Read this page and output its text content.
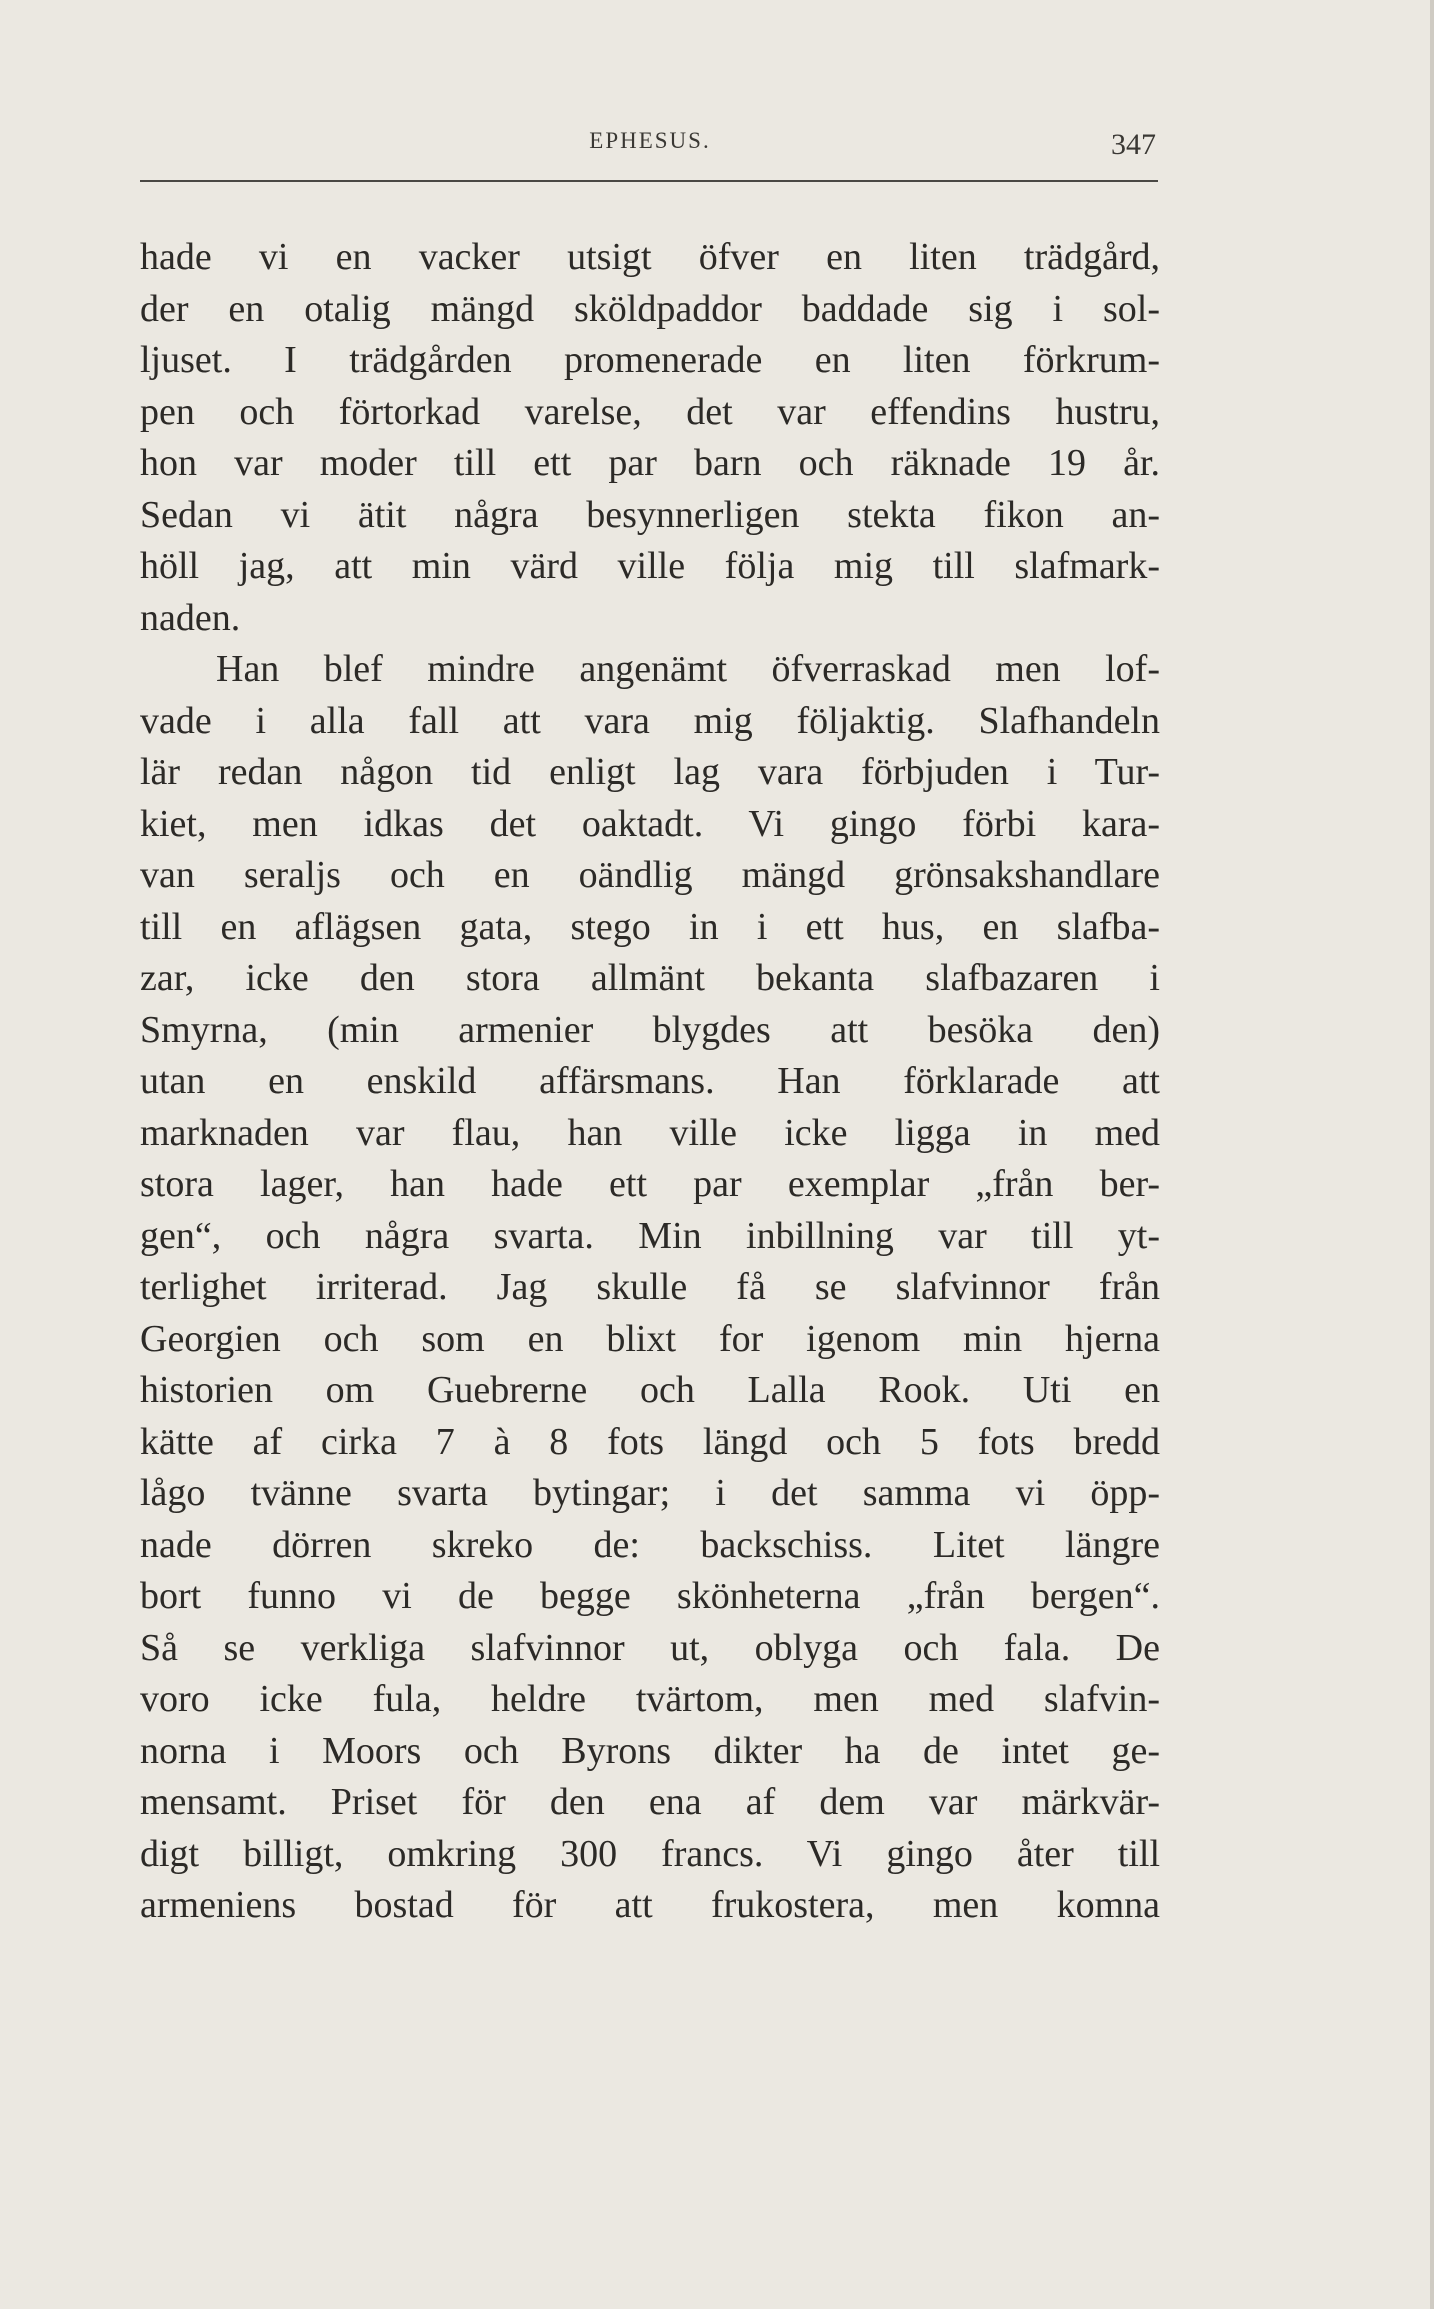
EPHESUS.	347
hade vi en vacker utsigt öfver en liten trädgård,
der en otalig mängd sköldpaddor baddade sig i sol-
ljuset. I trädgården promenerade en liten förkrum-
pen och förtorkad varelse, det var effendins hustru,
hon var moder till ett par barn och räknade 19 år.
Sedan vi ätit några besynnerligen stekta fikon an-
höll jag, att min värd ville följa mig till slafmark-
naden.
Han blef mindre angenämt öfverraskad men lof-
vade i alla fall att vara mig följaktig. Slafhandeln
lär redan någon tid enligt lag vara förbjuden i Tur-
kiet, men idkas det oaktadt. Vi gingo förbi kara-
van seraljs och en oändlig mängd grönsakshandlare
till en aflägsen gata, stego in i ett hus, en slafba-
zar, icke den stora allmänt bekanta slafbazaren i
Smyrna, (min armenier blygdes att besöka den)
utan en enskild affärsmans. Han förklarade att
marknaden var flau, han ville icke ligga in med
stora lager, han hade ett par exemplar „från ber-
gen“, och några svarta. Min inbillning var till yt-
terlighet irriterad. Jag skulle få se slafvinnor från
Georgien och som en blixt for igenom min hjerna
historien om Guebrerne och Lalla Rook. Uti en
kätte af cirka 7 à 8 fots längd och 5 fots bredd
lågo tvänne svarta bytingar; i det samma vi öpp-
nade dörren skreko de: backschiss. Litet längre
bort funno vi de begge skönheterna „från bergen“.
Så se verkliga slafvinnor ut, oblyga och fala. De
voro icke fula, heldre tvärtom, men med slafvin-
norna i Moors och Byrons dikter ha de intet ge-
mensamt. Priset för den ena af dem var märkvär-
digt billigt, omkring 300 francs. Vi gingo åter till
armeniens bostad för att frukostera, men komna
